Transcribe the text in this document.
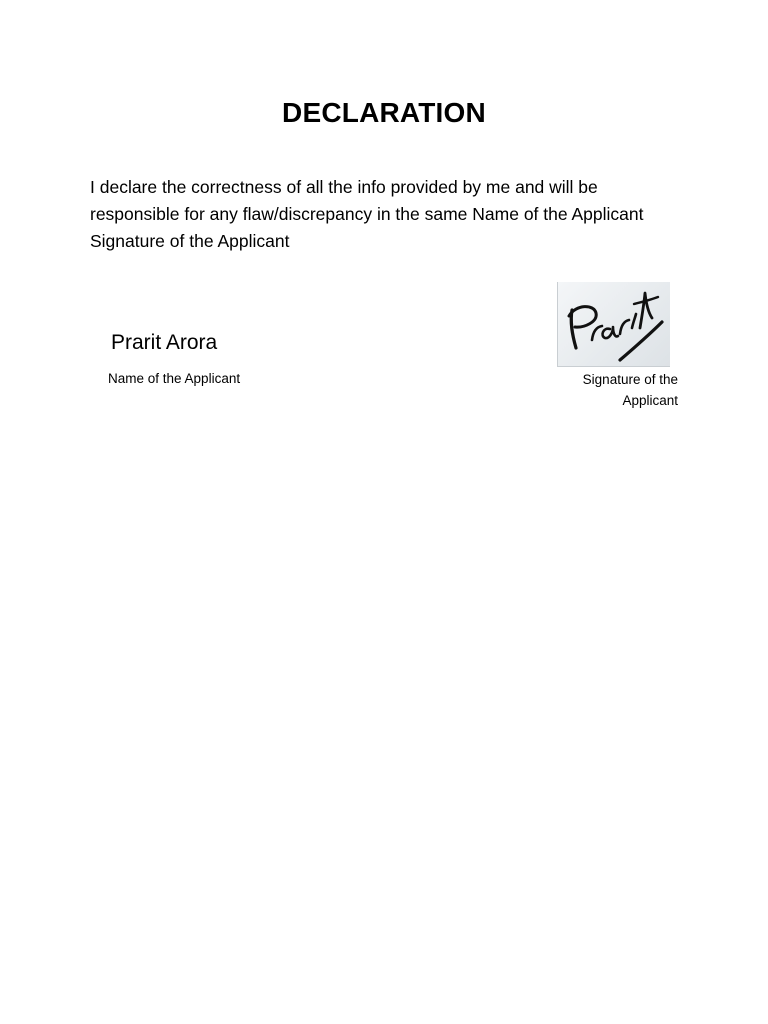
DECLARATION
I declare the correctness of all the info provided by me and will be responsible for any flaw/discrepancy in the same Name of the Applicant Signature of the Applicant
Prarit Arora
Name of the Applicant	Signature of the Applicant
